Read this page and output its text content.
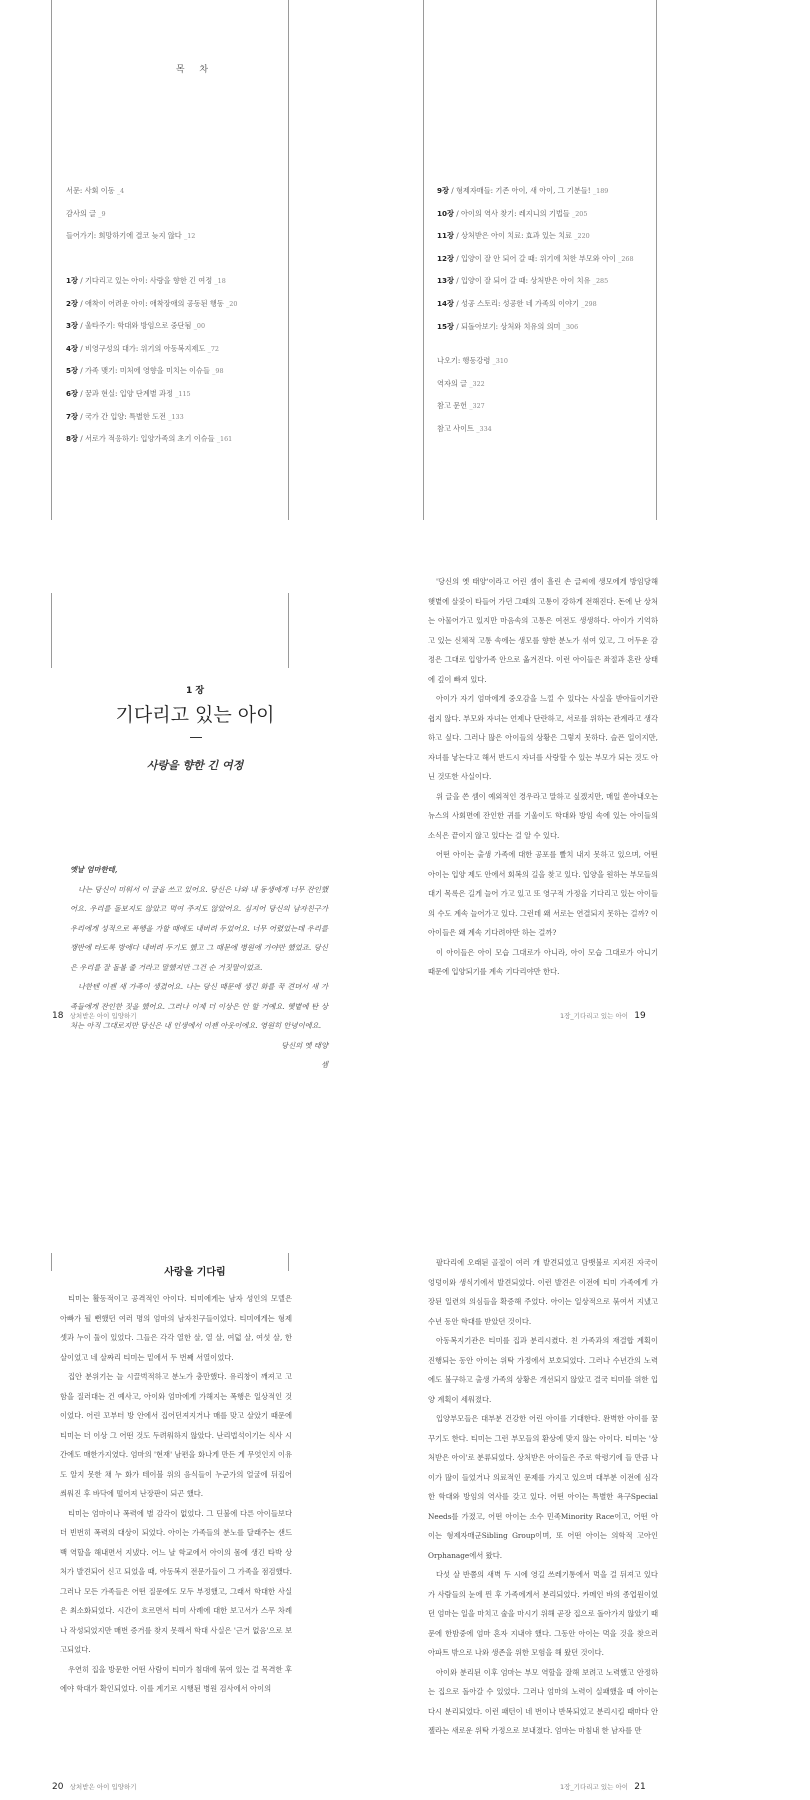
목 차
서문: 사회 이동 _4
감사의 글 _9
들어가기: 희망하기에 결코 늦지 않다 _12
1장 / 기다리고 있는 아이: 사랑을 향한 긴 여정 _18
2장 / 애착이 어려운 아이: 애착장애의 공동된 행동 _20
3장 / 울타주기: 학대와 방임으로 중단됨 _00
4장 / 비영구성의 대가: 위기의 아동복지제도 _72
5장 / 가족 맺기: 미처에 영향을 미치는 이슈들 _98
6장 / 꿈과 현실: 입양 단계별 과정 _115
7장 / 국가 간 입양: 특별한 도전 _133
8장 / 서로가 적응하기: 입양가족의 초기 이슈들 _161
9장 / 형제자매들: 기존 아이, 새 아이, 그 기분들! _189
10장 / 아이의 역사 찾기: 레지니의 기법들 _205
11장 / 상처받은 아이 치료: 효과 있는 치료 _220
12장 / 입양이 잘 안 되어 갈 때: 위기에 처한 부모와 아이 _268
13장 / 입양이 잘 되어 갈 때: 상처받은 아이 치유 _285
14장 / 성공 스토리: 성공한 네 가족의 이야기 _298
15장 / 되돌아보기: 상처와 치유의 의미 _306
나오기: 행동강령 _310
역자의 글 _322
참고 문헌 _327
참고 사이트 _334
1 장
기다리고 있는 아이
사랑을 향한 긴 여정

옛날 엄마한테,

나는 당신이 미워서 이 글을 쓰고 있어요. 당신은 나와 내 동생에게 너무 잔인했어요. 우리를 돌보지도 않았고 먹여 주지도 않았어요. 심지어 당신의 남자친구가 우리에게 성적으로 폭행을 가할 때에도 내버려 두었어요. 너무 어렸었는데 우리를 쟁반에 타도록 방에다 내버려 두기도 했고 그 때문에 병원에 가야만 했었죠. 당신은 우리를 잘 돌볼 줄 거라고 말했지만 그건 순 거짓말이었죠.

나한텐 이젠 새 가족이 생겼어요. 나는 당신 때문에 생긴 화를 꾹 견뎌서 새 가족들에게 잔인한 짓을 했어요. 그러나 이제 더 이상은 안 할 거예요. 햇볕에 탄 상처는 아직 그대로지만 당신은 내 인생에서 이젠 아웃이에요. 영원히 안녕이에요.

당신의 옛 태양

셈

'당신의 옛 태양'이라고 어린 셈이 흘린 손 글씨에 생모에게 방임당해 햇볕에 살갗이 타들어 가던 그때의 고통이 강하게 전해진다. 돈에 난 상처는 아물어가고 있지만 마음속의 고통은 여전도 생생하다. 아이가 기억하고 있는 신체적 고통 속에는 생모를 향한 분노가 섞여 있고, 그 어두운 감정은 그대로 입양가족 안으로 옮겨진다. 이런 아이들은 좌절과 혼란 상태에 깊이 빠져 있다.

아이가 자기 엄마에게 중오감을 느낄 수 있다는 사실을 받아들이기란 쉽지 않다. 부모와 자녀는 언제나 단란하고, 서로를 위하는 관계라고 생각하고 싶다. 그러나 많은 아이들의 상황은 그렇지 못하다. 슬픈 일이지만, 자녀를 낳는다고 해서 반드시 자녀를 사랑할 수 있는 부모가 되는 것도 아닌 것또한 사실이다.

위 글을 쓴 셈이 예외적인 경우라고 말하고 싶겠지만, 매일 쏟아내오는 뉴스의 사회면에 잔인한 귀를 기울이도 학대와 방임 속에 있는 아이들의 소식은 끝이지 않고 있다는 걸 알 수 있다.

어떤 아이는 출생 가족에 대한 공포를 빨치 내지 못하고 있으며, 어떤 아이는 입양 제도 안에서 회복의 길을 찾고 있다. 입양을 원하는 부모들의 대기 목록은 길게 늘어 가고 있고 또 영구적 가정을 기다리고 있는 아이들의 수도 계속 늘어가고 있다. 그런데 왜 서로는 연결되지 못하는 걸까? 이 아이들은 왜 계속 기다려야만 하는 걸까?

이 아이들은 아이 모습 그대로가 아니라, 아이 모습 그대로가 아니기 때문에 입양되기를 계속 기다리야만 한다.

18 상처받은 아이 입양하기	1장_기다리고 있는 아이 19
사랑을 기다림

티미는 활동적이고 공격적인 아이다. 티미에게는 남자 성인의 모델은 아빠가 될 뻔했던 여러 명의 엄마의 남자친구들이었다. 티미에게는 형제 셋과 누이 둘이 있었다. 그들은 각각 열한 살, 열 살, 여덟 살, 여섯 살, 한 살이었고 네 살짜리 티미는 밑에서 두 번째 서열이었다.

집안 분위기는 늘 시끌벅적하고 분노가 충만했다. 유리창이 깨져고 고함을 질러대는 건 예사고, 아이와 엄마에게 가해지는 폭행은 일상적인 것이었다. 어린 꼬부터 방 안에서 집어던져지거나 매를 맞고 살았기 때문에 티미는 더 이상 그 어떤 것도 두려워하지 않았다. 난리법석이기는 식사 시간에도 매한가지였다. 엄마의 '현재' 남편을 화나게 만든 게 무엇인지 이유도 알지 못한 채 누 화가 테이블 위의 음식들이 누군가의 얼굴에 뒤집어 씌워진 후 바닥에 떨어져 난장판이 되곤 했다.

티미는 엄마이나 폭력에 별 감각이 없었다. 그 딘불에 다른 아이들보다 더 빈번히 폭력의 대상이 되었다. 아이는 가족들의 분노를 달래주는 샌드백 역할을 해내면서 지냈다. 어느 날 학교에서 아이의 몸에 생긴 타박 상처가 발견되어 신고 되었을 때, 아동복지 전문가들이 그 가족을 점검했다. 그러나 모든 가족들은 어떤 질문에도 모두 부정했고, 그래서 학대한 사실은 최소화되었다. 시간이 흐르면서 티미 사례에 대한 보고서가 스무 차례나 작성되었지만 매번 증거를 찾지 못해서 학대 사실은 '근거 없음'으로 보고되었다.

우연히 집을 방문한 어떤 사람이 티미가 침대에 묶여 있는 걸 목격한 후에야 학대가 확인되었다. 이를 계기로 시행된 병원 검사에서 아이의

팔다리에 오래된 골절이 여러 개 발견되었고 담뱃불로 지져진 자국이 엉덩이와 생식기에서 발견되었다. 이런 발견은 이전에 티미 가족에게 가장된 일련의 의심들을 확증해 주었다. 아이는 일상적으로 묶여서 지냈고 수년 동안 학대를 받았던 것이다.

아동복지기관은 티미를 집과 분리시켰다. 친 가족과의 재결합 계획이 진행되는 동안 아이는 위탁 가정에서 보호되었다. 그러나 수년간의 노력에도 불구하고 출생 가족의 상황은 개선되지 않았고 결국 티미를 위한 입양 계획이 세워졌다.

입양부모들은 대부분 건강한 어린 아이를 기대한다. 완벽한 아이를 꿈꾸기도 한다. 티미는 그런 부모들의 환상에 맞지 않는 아이다. 티미는 '상처받은 아이'로 분류되었다. 상처받은 아이들은 주로 학령기에 들 만큼 나이가 많이 들었거나 의료적인 문제를 가지고 있으며 대부분 이전에 심각한 학대와 방임의 역사를 갖고 있다. 어떤 아이는 특별한 욕구Special Needs를 가졌고, 어떤 아이는 소수 민족Minority Race이고, 어떤 아이는 형제자매군Sibling Group이며, 또 어떤 아이는 의학적 고아인Orphanage에서 왔다.

다섯 살 반쯤의 새벽 두 시에 영길 쓰레기통에서 먹을 걸 뒤져고 있다가 사람들의 눈에 띈 후 가족에게서 분리되었다. 카메인 바의 종업원이었던 엄마는 일을 마치고 술을 마시기 위해 곧장 집으로 돌아가지 않았기 때문에 한밤중에 엄마 혼자 지내야 했다. 그동안 아이는 먹을 것을 찾으러 아파트 밖으로 나와 생존을 위한 모험을 해 왔던 것이다.

아이와 분리된 이후 엄마는 부모 역할을 잘해 보려고 노력했고 안정하는 집으로 돌아갈 수 있었다. 그러나 엄마의 노력이 실패했을 때 아이는 다시 분리되었다. 이런 패턴이 네 번이나 반복되었고 분리시킬 때마다 안젤라는 새로운 위탁 가정으로 보내졌다. 엄마는 마침내 한 남자를 만

20 상처받은 아이 입양하기	1장_기다리고 있는 아이 21
